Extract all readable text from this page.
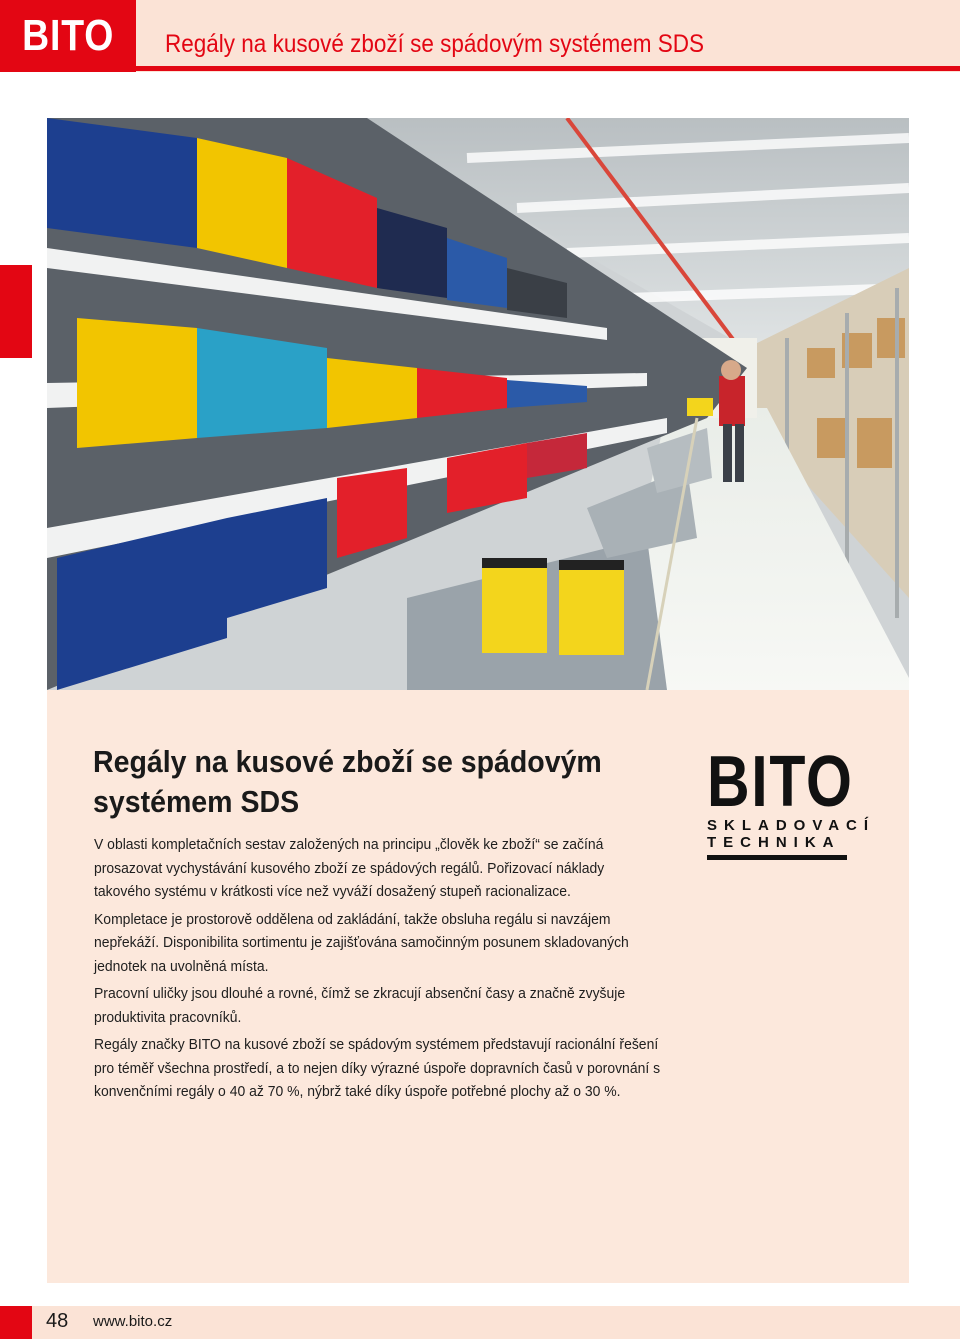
BITO Regály na kusové zboží se spádovým systémem SDS
Regály na kusové zboží se spádovým systémem SDS

V oblasti kompletačních sestav založených na principu „člověk ke zboží“ se začíná prosazovat vychystávání kusového zboží ze spádových regálů. Pořizovací náklady takového systému v krátkosti více než vyváží dosažený stupeň racionalizace.

Kompletace je prostorově oddělena od zakládání, takže obsluha regálu si navzájem nepřekáží. Disponibilita sortimentu je zajišťována samočinným posunem skladovaných jednotek na uvolněná místa.

Pracovní uličky jsou dlouhé a rovné, čímž se zkracují absenční časy a značně zvyšuje produktivita pracovníků.

Regály značky BITO na kusové zboží se spádovým systémem představují racionální řešení pro téměř všechna prostředí, a to nejen díky výrazné úspoře dopravních časů v porovnání s konvenčními regály o 40 až 70 %, nýbrž také díky úspoře potřebné plochy až o 30 %.

BITO
SKLADOVACÍ
TECHNIKA
48 www.bito.cz
